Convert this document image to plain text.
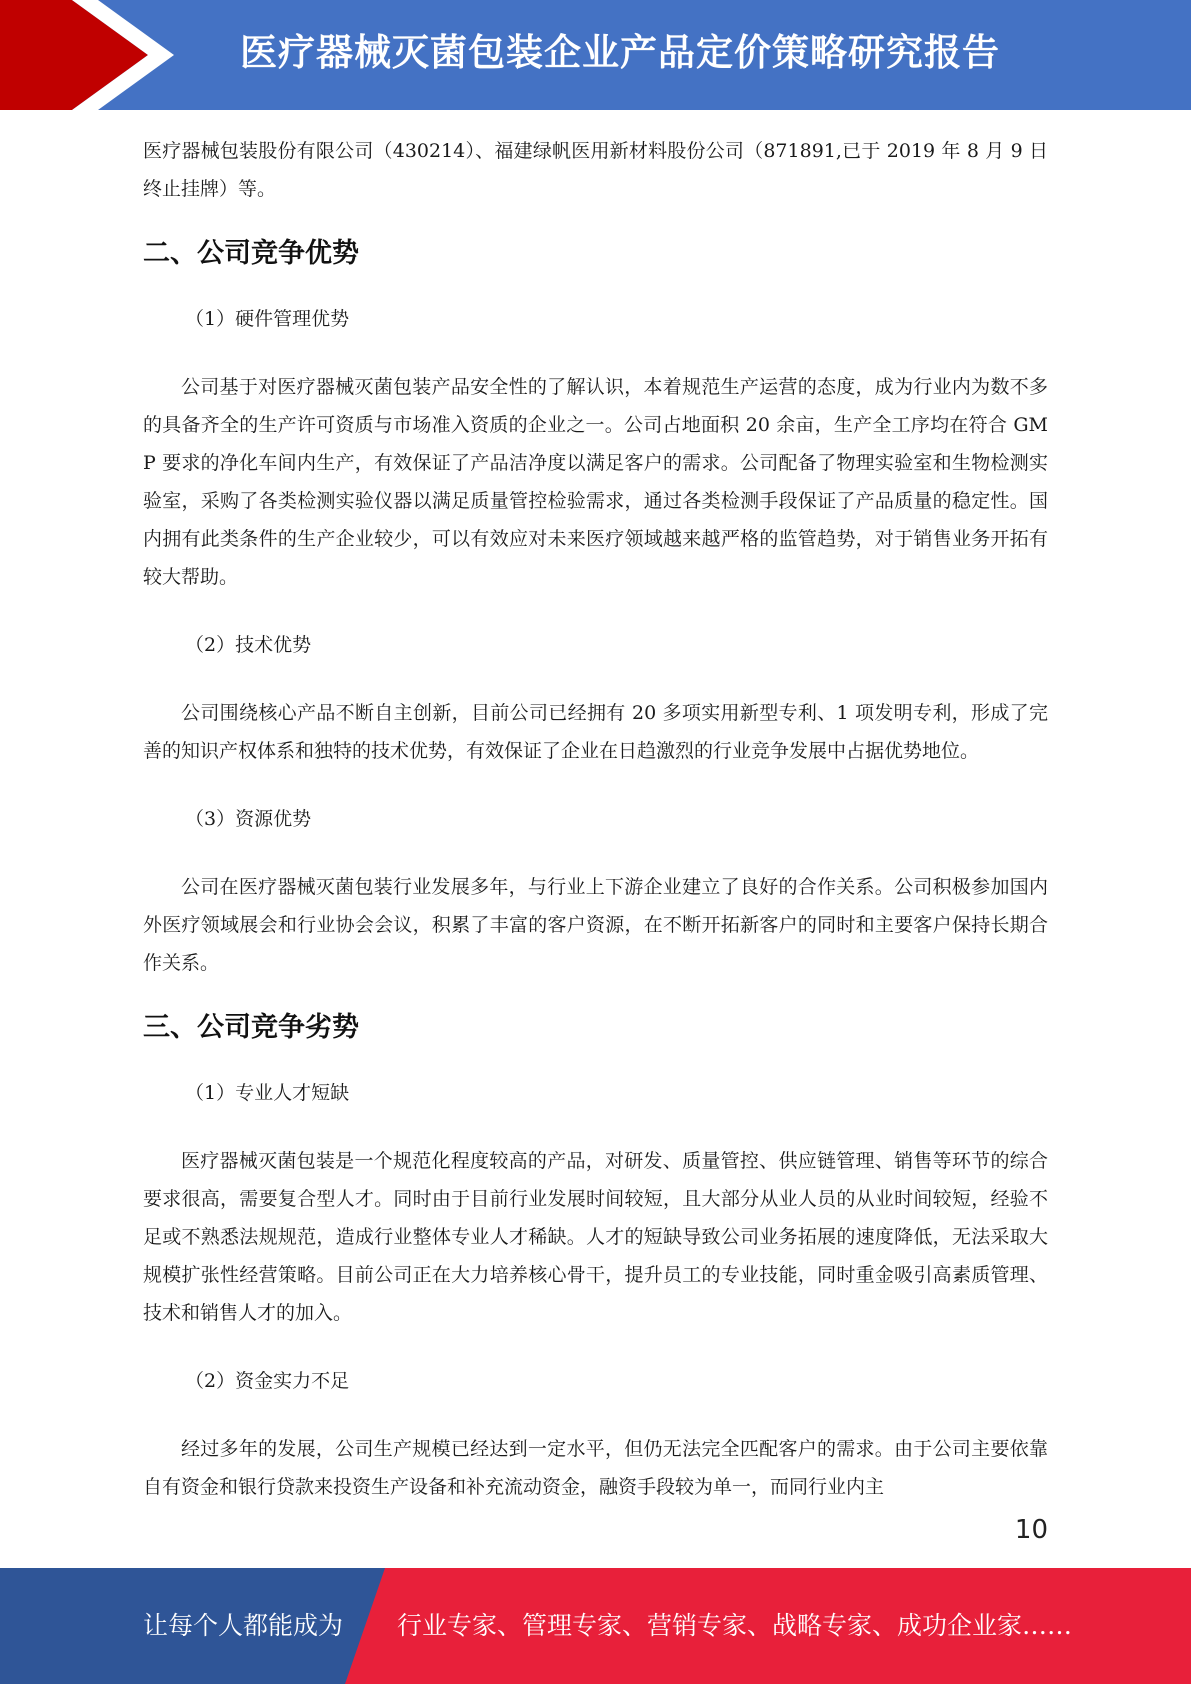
医疗器械灭菌包装企业产品定价策略研究报告

医疗器械包装股份有限公司（430214）、福建绿帆医用新材料股份公司（871891,已于 2019 年 8 月 9 日终止挂牌）等。

二、公司竞争优势

（1）硬件管理优势

公司基于对医疗器械灭菌包装产品安全性的了解认识，本着规范生产运营的态度，成为行业内为数不多的具备齐全的生产许可资质与市场准入资质的企业之一。公司占地面积 20 余亩，生产全工序均在符合 GMP 要求的净化车间内生产，有效保证了产品洁净度以满足客户的需求。公司配备了物理实验室和生物检测实验室，采购了各类检测实验仪器以满足质量管控检验需求，通过各类检测手段保证了产品质量的稳定性。国内拥有此类条件的生产企业较少，可以有效应对未来医疗领域越来越严格的监管趋势，对于销售业务开拓有较大帮助。

（2）技术优势

公司围绕核心产品不断自主创新，目前公司已经拥有 20 多项实用新型专利、1 项发明专利，形成了完善的知识产权体系和独特的技术优势，有效保证了企业在日趋激烈的行业竞争发展中占据优势地位。

（3）资源优势

公司在医疗器械灭菌包装行业发展多年，与行业上下游企业建立了良好的合作关系。公司积极参加国内外医疗领域展会和行业协会会议，积累了丰富的客户资源，在不断开拓新客户的同时和主要客户保持长期合作关系。

三、公司竞争劣势

（1）专业人才短缺

医疗器械灭菌包装是一个规范化程度较高的产品，对研发、质量管控、供应链管理、销售等环节的综合要求很高，需要复合型人才。同时由于目前行业发展时间较短，且大部分从业人员的从业时间较短，经验不足或不熟悉法规规范，造成行业整体专业人才稀缺。人才的短缺导致公司业务拓展的速度降低，无法采取大规模扩张性经营策略。目前公司正在大力培养核心骨干，提升员工的专业技能，同时重金吸引高素质管理、技术和销售人才的加入。

（2）资金实力不足

经过多年的发展，公司生产规模已经达到一定水平，但仍无法完全匹配客户的需求。由于公司主要依靠自有资金和银行贷款来投资生产设备和补充流动资金，融资手段较为单一，而同行业内主

10
让每个人都能成为 行业专家、管理专家、营销专家、战略专家、成功企业家……
